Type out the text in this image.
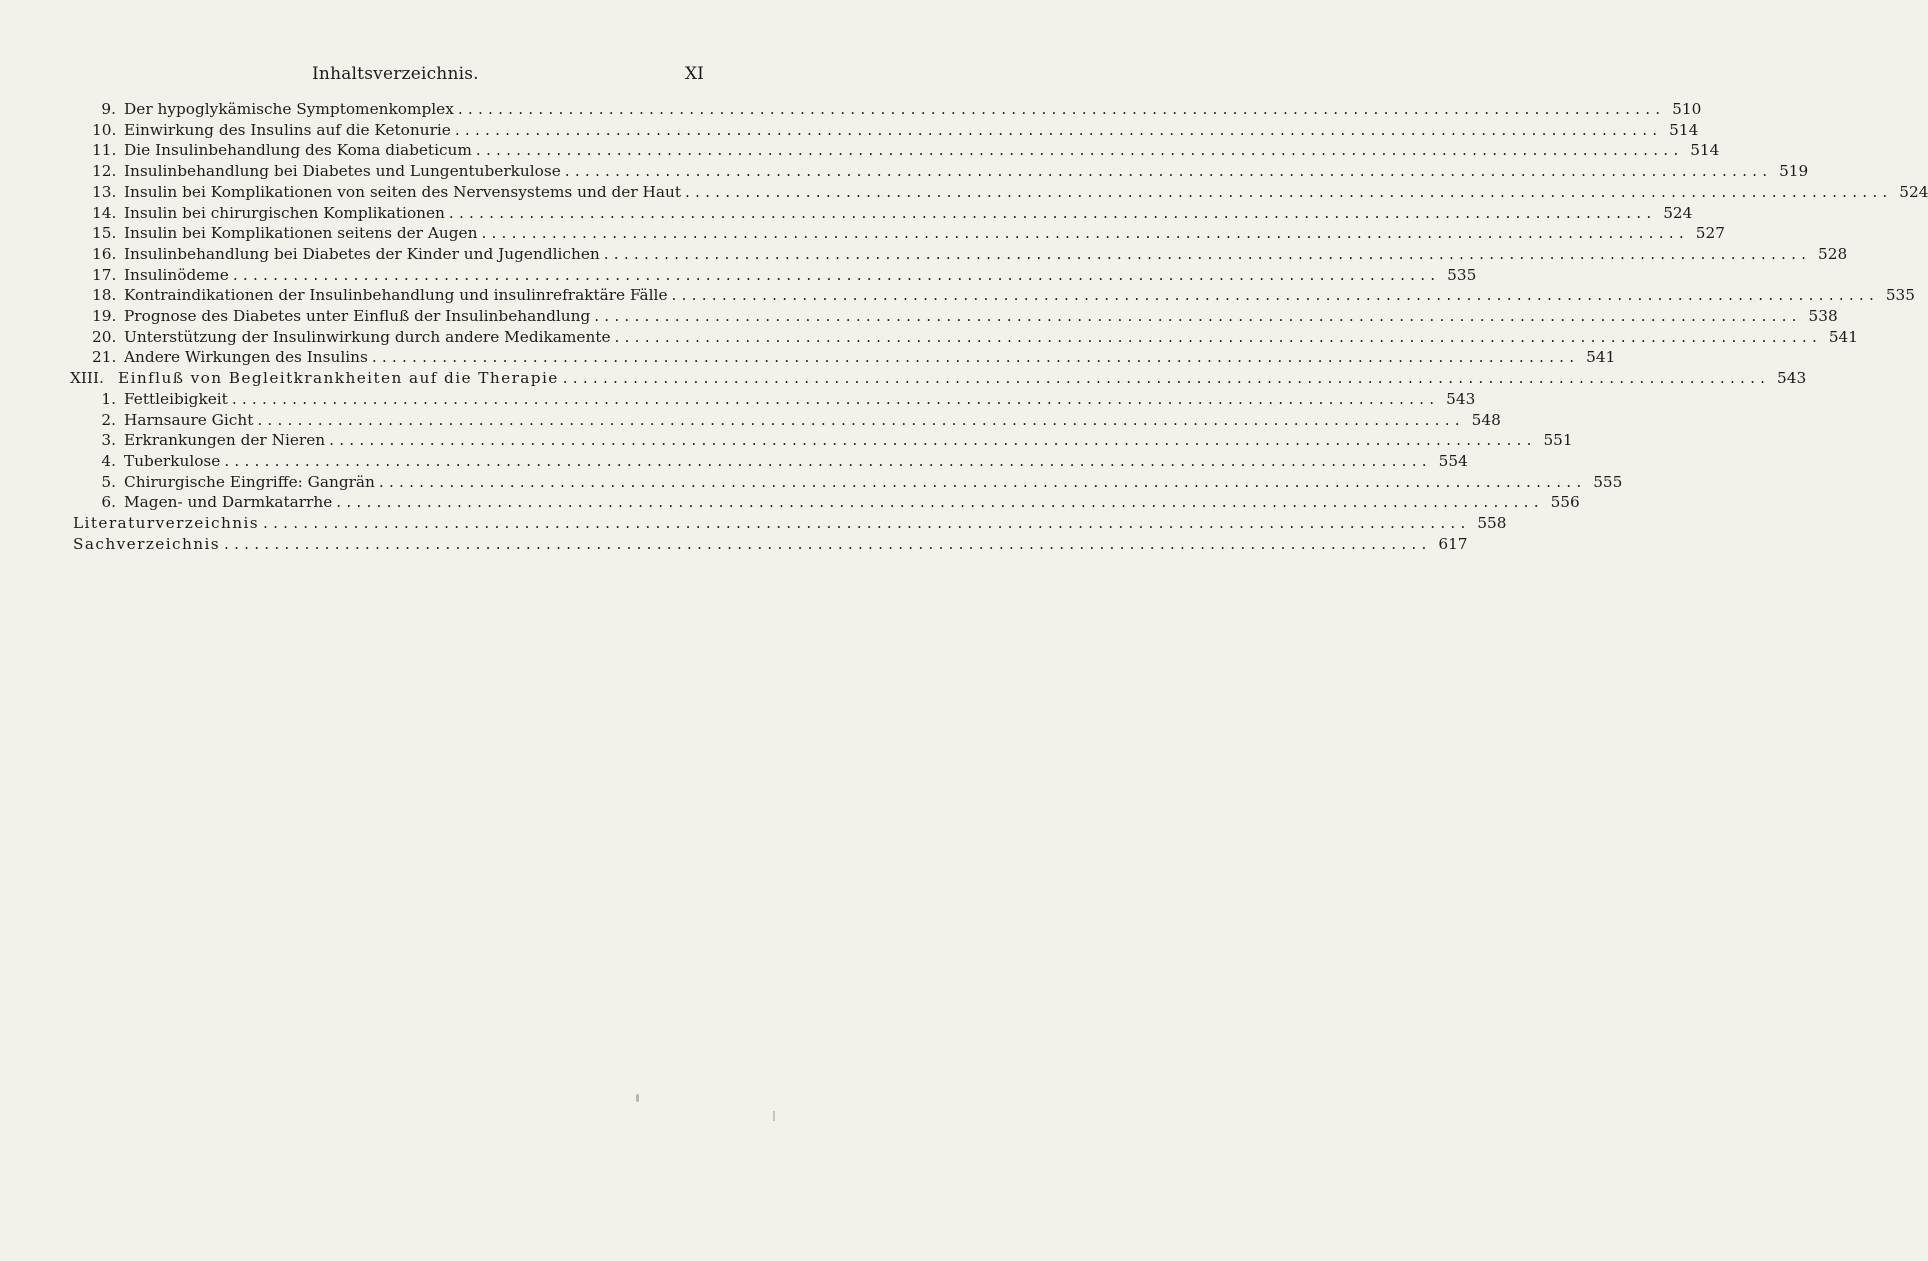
Inhaltsverzeichnis.	XI
9. Der hypoglykämische Symptomenkomplex ........................................................................................................................ 510
10. Einwirkung des Insulins auf die Ketonurie ........................................................................................................................ 514
11. Die Insulinbehandlung des Koma diabeticum ........................................................................................................................ 514
12. Insulinbehandlung bei Diabetes und Lungentuberkulose ........................................................................................................................ 519
13. Insulin bei Komplikationen von seiten des Nervensystems und der Haut ........................................................................................................................ 524
14. Insulin bei chirurgischen Komplikationen ........................................................................................................................ 524
15. Insulin bei Komplikationen seitens der Augen ........................................................................................................................ 527
16. Insulinbehandlung bei Diabetes der Kinder und Jugendlichen ........................................................................................................................ 528
17. Insulinödeme ........................................................................................................................ 535
18. Kontraindikationen der Insulinbehandlung und insulinrefraktäre Fälle ........................................................................................................................ 535
19. Prognose des Diabetes unter Einfluß der Insulinbehandlung ........................................................................................................................ 538
20. Unterstützung der Insulinwirkung durch andere Medikamente ........................................................................................................................ 541
21. Andere Wirkungen des Insulins ........................................................................................................................ 541
XIII. Einfluß von Begleitkrankheiten auf die Therapie ........................................................................................................................ 543
1. Fettleibigkeit ........................................................................................................................ 543
2. Harnsaure Gicht ........................................................................................................................ 548
3. Erkrankungen der Nieren ........................................................................................................................ 551
4. Tuberkulose ........................................................................................................................ 554
5. Chirurgische Eingriffe: Gangrän ........................................................................................................................ 555
6. Magen- und Darmkatarrhe ........................................................................................................................ 556
Literaturverzeichnis ........................................................................................................................ 558
Sachverzeichnis ........................................................................................................................ 617
